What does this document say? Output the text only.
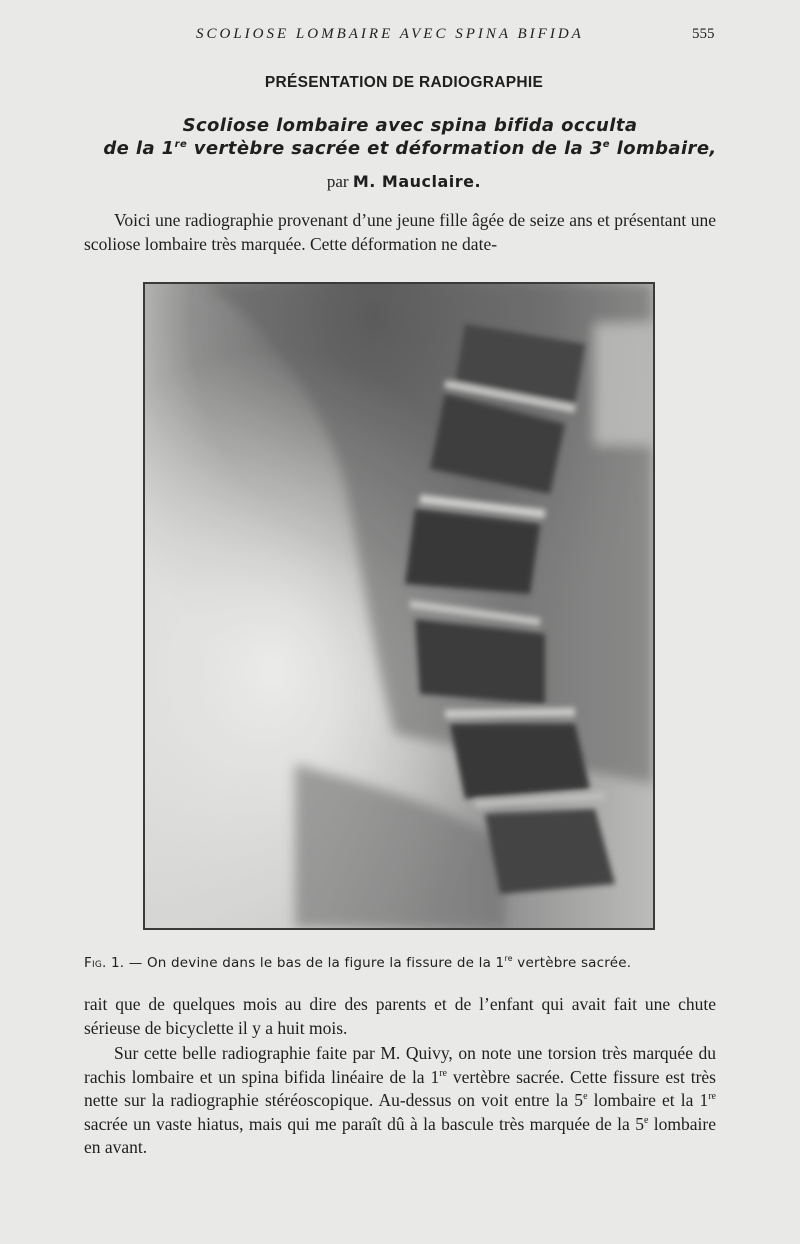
SCOLIOSE LOMBAIRE AVEC SPINA BIFIDA	555
PRÉSENTATION DE RADIOGRAPHIE
Scoliose lombaire avec spina bifida occulta
de la 1re vertèbre sacrée et déformation de la 3e lombaire,
par M. Mauclaire.

Voici une radiographie provenant d’une jeune fille âgée de seize ans et présentant une scoliose lombaire très marquée. Cette déformation ne date-

Fig. 1. — On devine dans le bas de la figure la fissure de la 1re vertèbre sacrée.

rait que de quelques mois au dire des parents et de l’enfant qui avait fait une chute sérieuse de bicyclette il y a huit mois.

Sur cette belle radiographie faite par M. Quivy, on note une torsion très marquée du rachis lombaire et un spina bifida linéaire de la 1re vertèbre sacrée. Cette fissure est très nette sur la radiographie stéréoscopique. Au-dessus on voit entre la 5e lombaire et la 1re sacrée un vaste hiatus, mais qui me paraît dû à la bascule très marquée de la 5e lombaire en avant.
